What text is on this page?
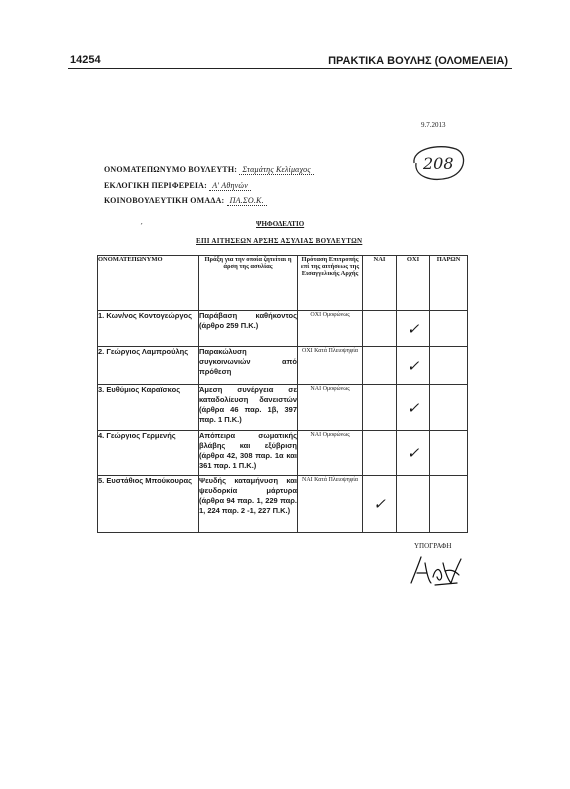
14254	ΠΡΑΚΤΙΚΑ ΒΟΥΛΗΣ (ΟΛΟΜΕΛΕΙΑ)
9.7.2013
208
ΟΝΟΜΑΤΕΠΩΝΥΜΟ ΒΟΥΛΕΥΤΗ: Σταμάτης Κελίμαχος
ΕΚΛΟΓΙΚΗ ΠΕΡΙΦΕΡΕΙΑ: Α' Αθηνών
ΚΟΙΝΟΒΟΥΛΕΥΤΙΚΗ ΟΜΑΔΑ: ΠΑ.ΣΟ.Κ.
ˊ	ΨΗΦΟΔΕΛΤΙΟ
ΕΠΙ ΑΙΤΗΣΕΩΝ ΑΡΣΗΣ ΑΣΥΛΙΑΣ ΒΟΥΛΕΥΤΩΝ
ΟΝΟΜΑΤΕΠΩΝΥΜΟ	Πράξη για την οποία ζητείται η άρση της ασυλίας	Πρόταση Επιτροπής επί της αιτήσεως της Εισαγγελικής Αρχής	ΝΑΙ	ΟΧΙ	ΠΑΡΩΝ
1. Κων/νος Κοντογεώργος	Παράβαση καθήκοντος (άρθρο 259 Π.Κ.)	ΟΧΙ Ομοφώνως		✓	

2. Γεώργιος Λαμπρούλης	Παρακώλυση συγκοινωνιών από πρόθεση	ΟΧΙ Κατά Πλειοψηφία		✓	

3. Ευθύμιος Καραϊσκος	Άμεση συνέργεια σε καταδολίευση δανειστών (άρθρα 46 παρ. 1β, 397 παρ. 1 Π.Κ.)	ΝΑΙ Ομοφώνως		✓	

4. Γεώργιος Γερμενής	Απόπειρα σωματικής βλάβης και εξύβριση (άρθρα 42, 308 παρ. 1α και 361 παρ. 1 Π.Κ.)	ΝΑΙ Ομοφώνως		✓	

5. Ευστάθιος Μπούκουρας	Ψευδής καταμήνυση και ψευδορκία μάρτυρα (άρθρα 94 παρ. 1, 229 παρ. 1, 224 παρ. 2 -1, 227 Π.Κ.)	ΝΑΙ Κατά Πλειοψηφία	✓		

ΥΠΟΓΡΑΦΗ
